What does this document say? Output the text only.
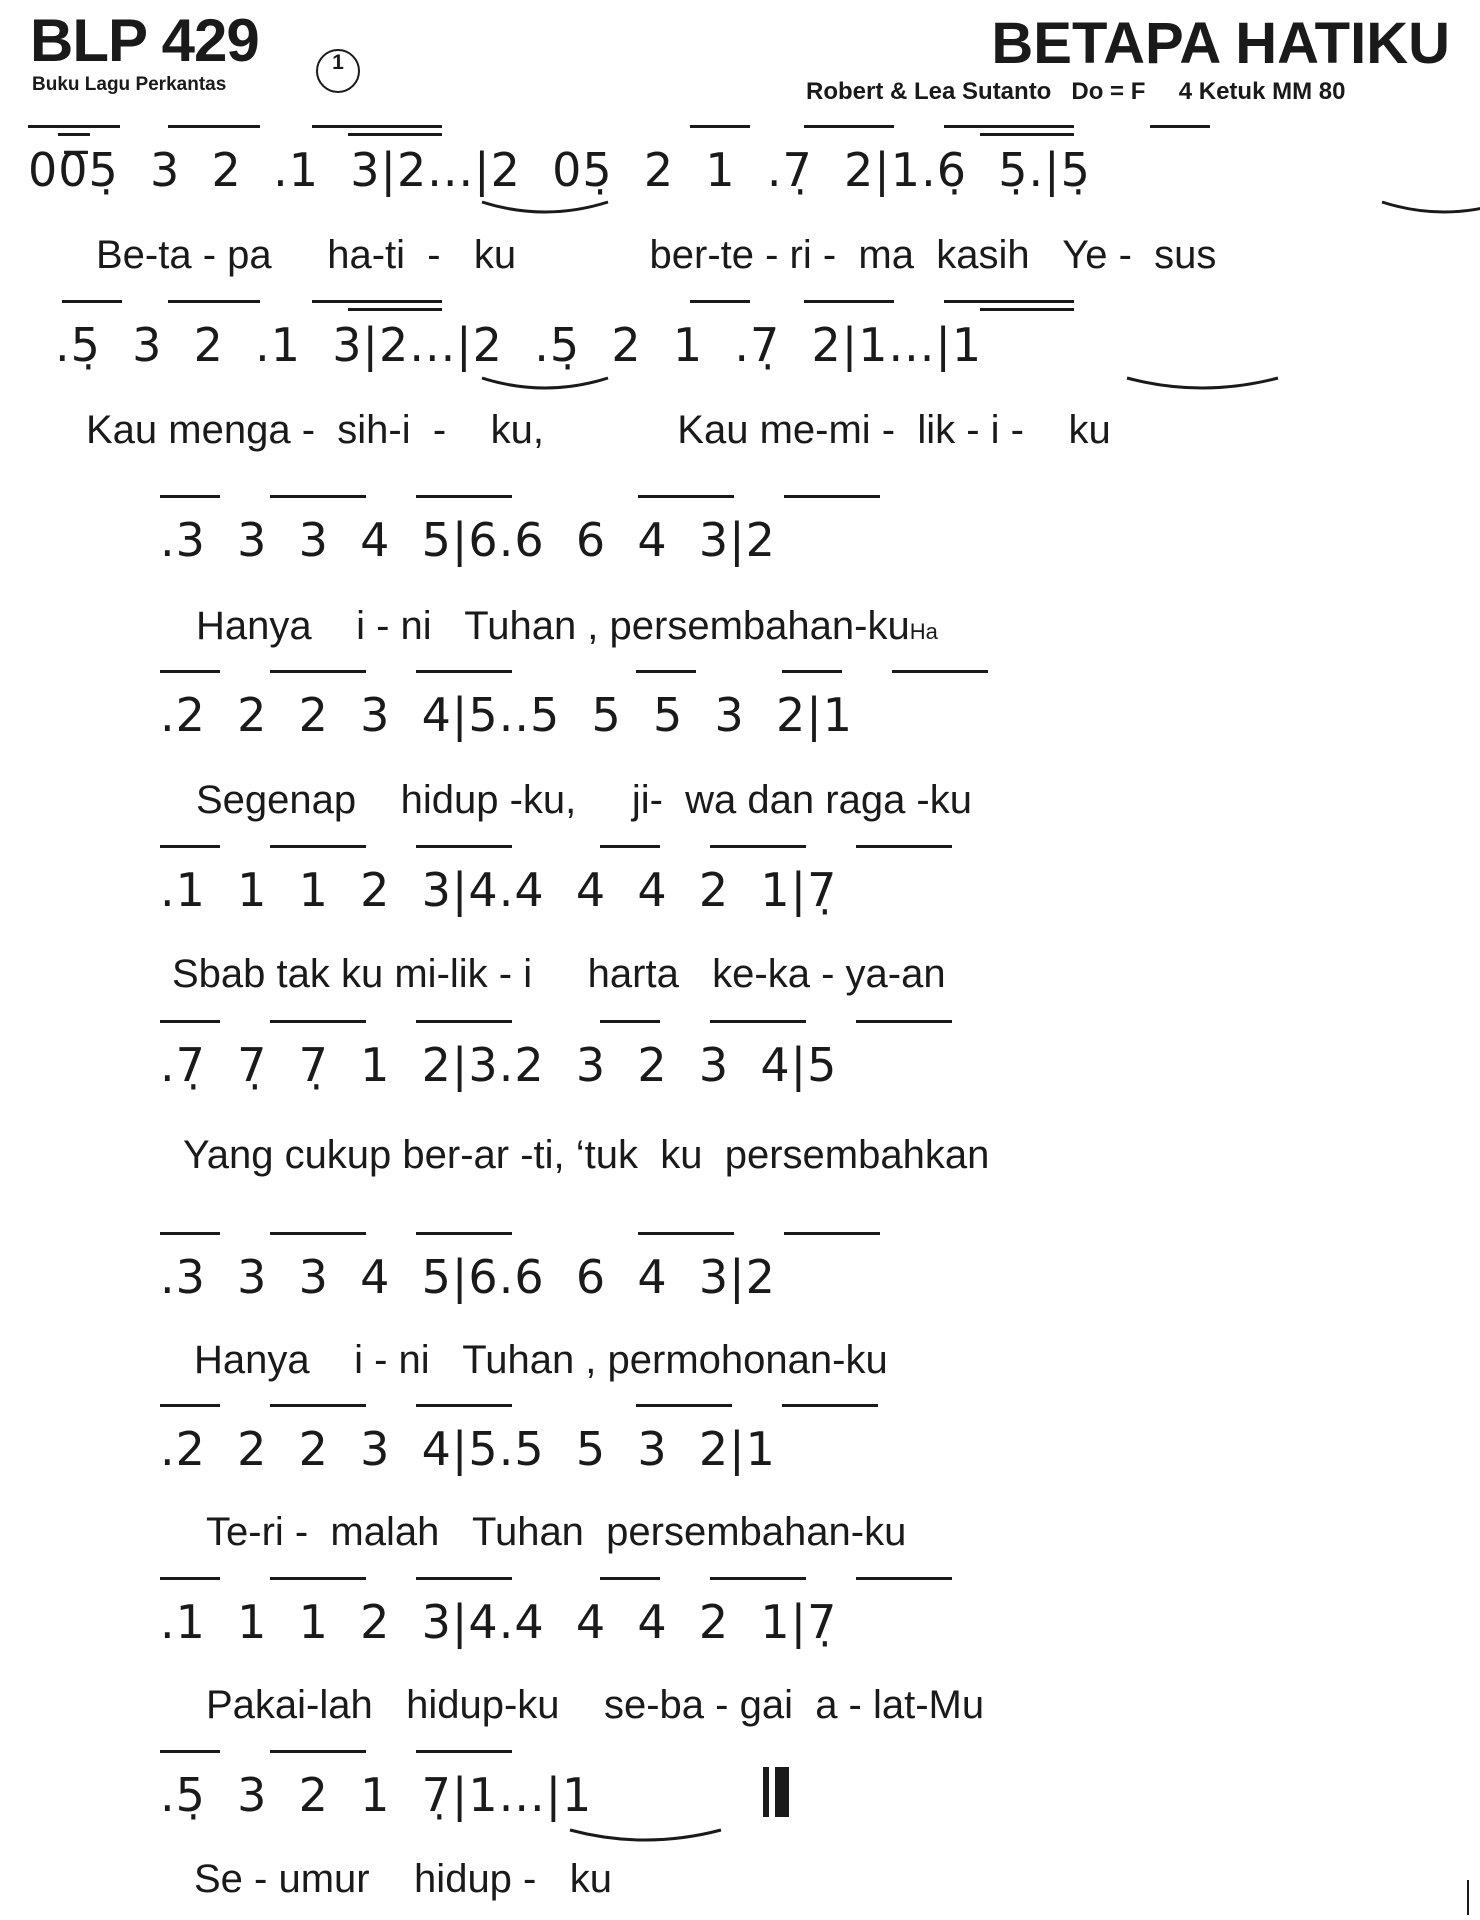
BLP 429
Buku Lagu Perkantas
1	BETAPA HATIKU
Robert & Lea Sutanto Do = F 4 Ketuk MM 80
00̅5̣  3  2  .1  3|2...|2  05̣  2  1  .7̣  2|1.6̣  5̣.|5̣
Be-ta - pa     ha-ti  -   ku            ber-te - ri -  ma  kasih   Ye -  sus
.5̣  3  2  .1  3|2...|2  .5̣  2  1  .7̣  2|1...|1
Kau menga -  sih-i  -    ku,            Kau me-mi -  lik - i -    ku
.3  3  3  4  5|6.6  6  4  3|2
Hanya    i - ni   Tuhan , persembahan-kuHa
.2  2  2  3  4|5..5  5  5  3  2|1
Segenap    hidup -ku,     ji-  wa dan raga -ku
.1  1  1  2  3|4.4  4  4  2  1|7̣
Sbab tak ku mi-lik - i     harta   ke-ka - ya-an
.7̣  7̣  7̣  1  2|3.2  3  2  3  4|5
Yang cukup ber-ar -ti, ‘tuk  ku  persembahkan
.3  3  3  4  5|6.6  6  4  3|2
Hanya    i - ni   Tuhan , permohonan-ku
.2  2  2  3  4|5.5  5  3  2|1
Te-ri -  malah   Tuhan  persembahan-ku
.1  1  1  2  3|4.4  4  4  2  1|7̣
Pakai-lah   hidup-ku    se-ba - gai  a - lat-Mu
.5̣  3  2  1  7̣|1...|1
Se - umur    hidup -   ku
